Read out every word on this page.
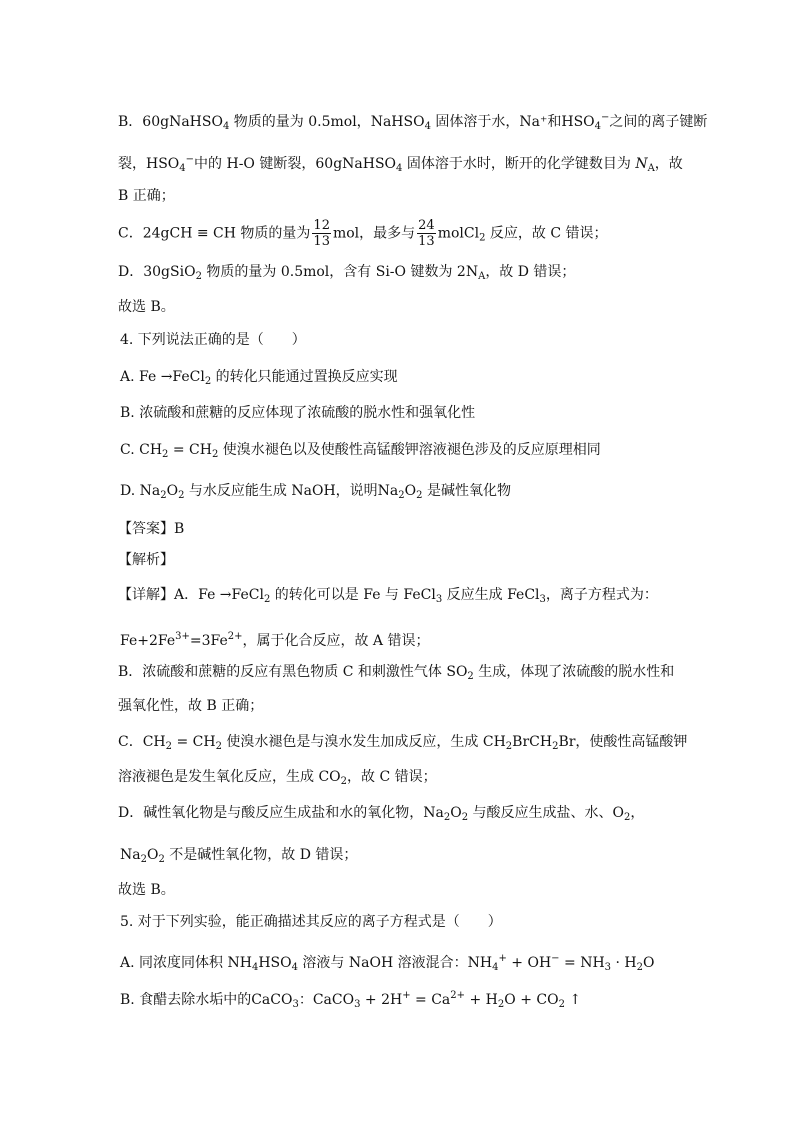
B．60gNaHSO$_4$ 物质的量为 0.5mol，NaHSO$_4$ 固体溶于水，Na⁺和$HSO_4^-$之间的离子键断
裂，$HSO_4^-$中的 H-O 键断裂，60gNaHSO$_4$ 固体溶于水时，断开的化学键数目为 $N_A$，故
B 正确；
C．24gCH ≡ CH 物质的量为 $\frac{12}{13}$ mol，最多与 $\frac{24}{13}$ molCl$_2$ 反应，故 C 错误；
D．30gSiO$_2$ 物质的量为 0.5mol，含有 Si-O 键数为 $2N_A$，故 D 错误；
故选 B。
4. 下列说法正确的是（　　）
A. Fe →FeCl$_2$ 的转化只能通过置换反应实现
B. 浓硫酸和蔗糖的反应体现了浓硫酸的脱水性和强氧化性
C. $CH_2 = CH_2$ 使溴水褪色以及使酸性高锰酸钾溶液褪色涉及的反应原理相同
D. $Na_2O_2$ 与水反应能生成 NaOH，说明$Na_2O_2$ 是碱性氧化物
【答案】B
【解析】
【详解】A．Fe →FeCl$_2$ 的转化可以是 Fe 与 FeCl$_3$ 反应生成 FeCl$_3$，离子方程式为：
$Fe+2Fe^{3+}=3Fe^{2+}$，属于化合反应，故 A 错误；
B．浓硫酸和蔗糖的反应有黑色物质 C 和刺激性气体 $SO_2$ 生成，体现了浓硫酸的脱水性和
强氧化性，故 B 正确；
C．$CH_2 = CH_2$ 使溴水褪色是与溴水发生加成反应，生成 $CH_2BrCH_2Br$，使酸性高锰酸钾
溶液褪色是发生氧化反应，生成 $CO_2$，故 C 错误；
D．碱性氧化物是与酸反应生成盐和水的氧化物，$Na_2O_2$ 与酸反应生成盐、水、$O_2$，
$Na_2O_2$ 不是碱性氧化物，故 D 错误；
故选 B。
5. 对于下列实验，能正确描述其反应的离子方程式是（　　）
A. 同浓度同体积 $NH_4HSO_4$ 溶液与 NaOH 溶液混合：$NH_4^+ + OH^- = NH_3 \cdot H_2O$
B. 食醋去除水垢中的CaCO$_3$：CaCO$_3$ + $2H^+ = Ca^{2+} + H_2O + CO_2$ ↑
